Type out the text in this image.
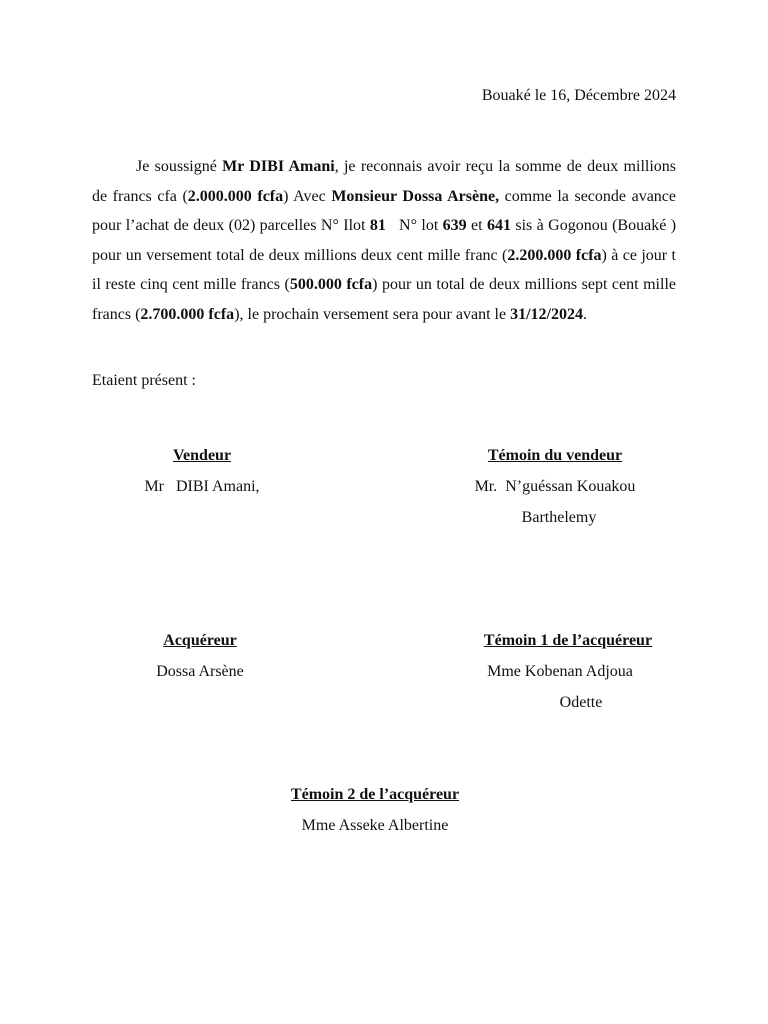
Bouaké le 16, Décembre 2024

Je soussigné Mr DIBI Amani, je reconnais avoir reçu la somme de deux millions de francs cfa (2.000.000 fcfa) Avec Monsieur Dossa Arsène, comme la seconde avance pour l’achat de deux (02) parcelles N° Ilot 81   N° lot 639 et 641 sis à Gogonou (Bouaké ) pour un versement total de deux millions deux cent mille franc (2.200.000 fcfa) à ce jour t il reste cinq cent mille francs (500.000 fcfa) pour un total de deux millions sept cent mille francs (2.700.000 fcfa), le prochain versement sera pour avant le 31/12/2024.

Etaient présent :
Vendeur
Mr   DIBI Amani,
Témoin du vendeur
Mr.  N’guéssan Kouakou
Barthelemy
Acquéreur
Dossa Arsène
Témoin 1 de l’acquéreur
Mme Kobenan Adjoua
Odette
Témoin 2 de l’acquéreur
Mme Asseke Albertine
